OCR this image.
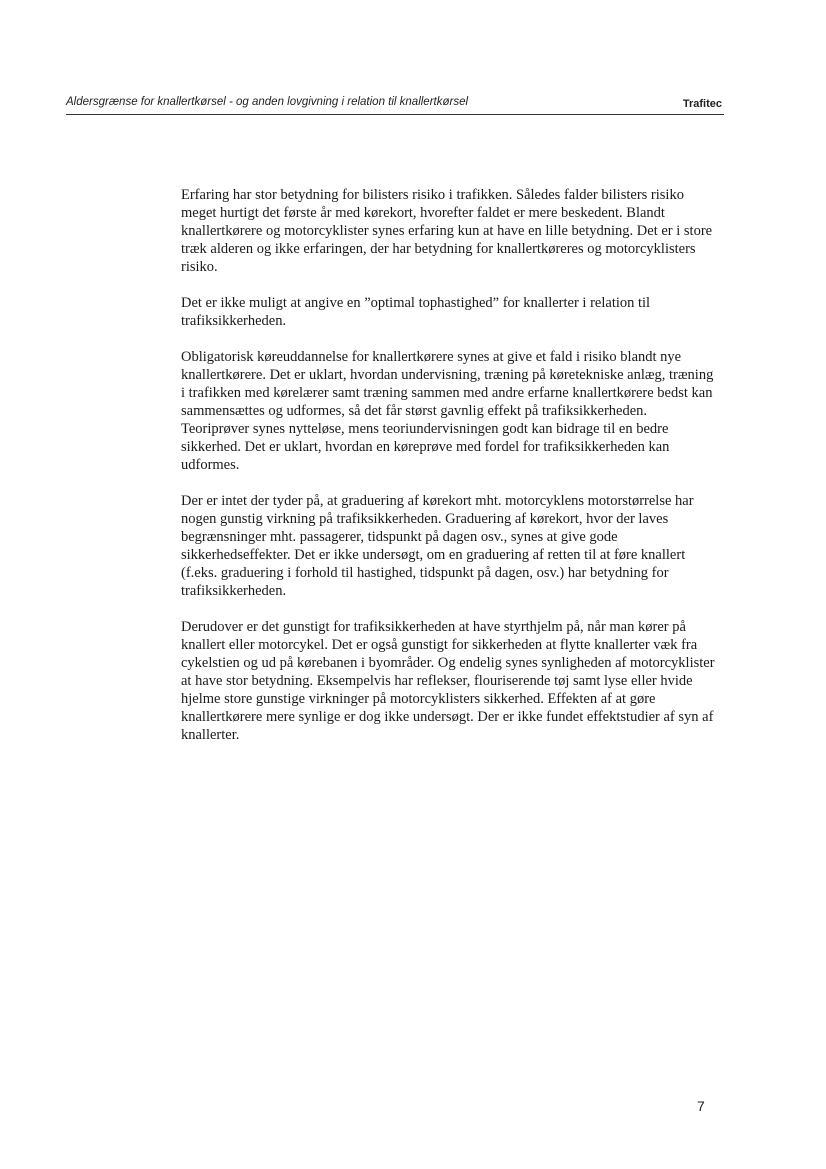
Aldersgrænse for knallertkørsel - og anden lovgivning i relation til knallertkørsel	Trafitec

Erfaring har stor betydning for bilisters risiko i trafikken. Således falder bilisters risiko meget hurtigt det første år med kørekort, hvorefter faldet er mere beskedent. Blandt knallertkørere og motorcyklister synes erfaring kun at have en lille betydning. Det er i store træk alderen og ikke erfaringen, der har betydning for knallertkøreres og motorcyklisters risiko.

Det er ikke muligt at angive en ”optimal tophastighed” for knallerter i relation til trafiksikkerheden.

Obligatorisk køreuddannelse for knallertkørere synes at give et fald i risiko blandt nye knallertkørere. Det er uklart, hvordan undervisning, træning på køretekniske anlæg, træning i trafikken med kørelærer samt træning sammen med andre erfarne knallertkørere bedst kan sammensættes og udformes, så det får størst gavnlig effekt på trafiksikkerheden. Teoriprøver synes nytteløse, mens teoriundervisningen godt kan bidrage til en bedre sikkerhed. Det er uklart, hvordan en køreprøve med fordel for trafiksikkerheden kan udformes.

Der er intet der tyder på, at graduering af kørekort mht. motorcyklens motorstørrelse har nogen gunstig virkning på trafiksikkerheden. Graduering af kørekort, hvor der laves begrænsninger mht. passagerer, tidspunkt på dagen osv., synes at give gode sikkerhedseffekter. Det er ikke undersøgt, om en graduering af retten til at føre knallert (f.eks. graduering i forhold til hastighed, tidspunkt på dagen, osv.) har betydning for trafiksikkerheden.

Derudover er det gunstigt for trafiksikkerheden at have styrthjelm på, når man kører på knallert eller motorcykel. Det er også gunstigt for sikkerheden at flytte knallerter væk fra cykelstien og ud på kørebanen i byområder. Og endelig synes synligheden af motorcyklister at have stor betydning. Eksempelvis har reflekser, flouriserende tøj samt lyse eller hvide hjelme store gunstige virkninger på motorcyklisters sikkerhed. Effekten af at gøre knallertkørere mere synlige er dog ikke undersøgt. Der er ikke fundet effektstudier af syn af knallerter.

7
